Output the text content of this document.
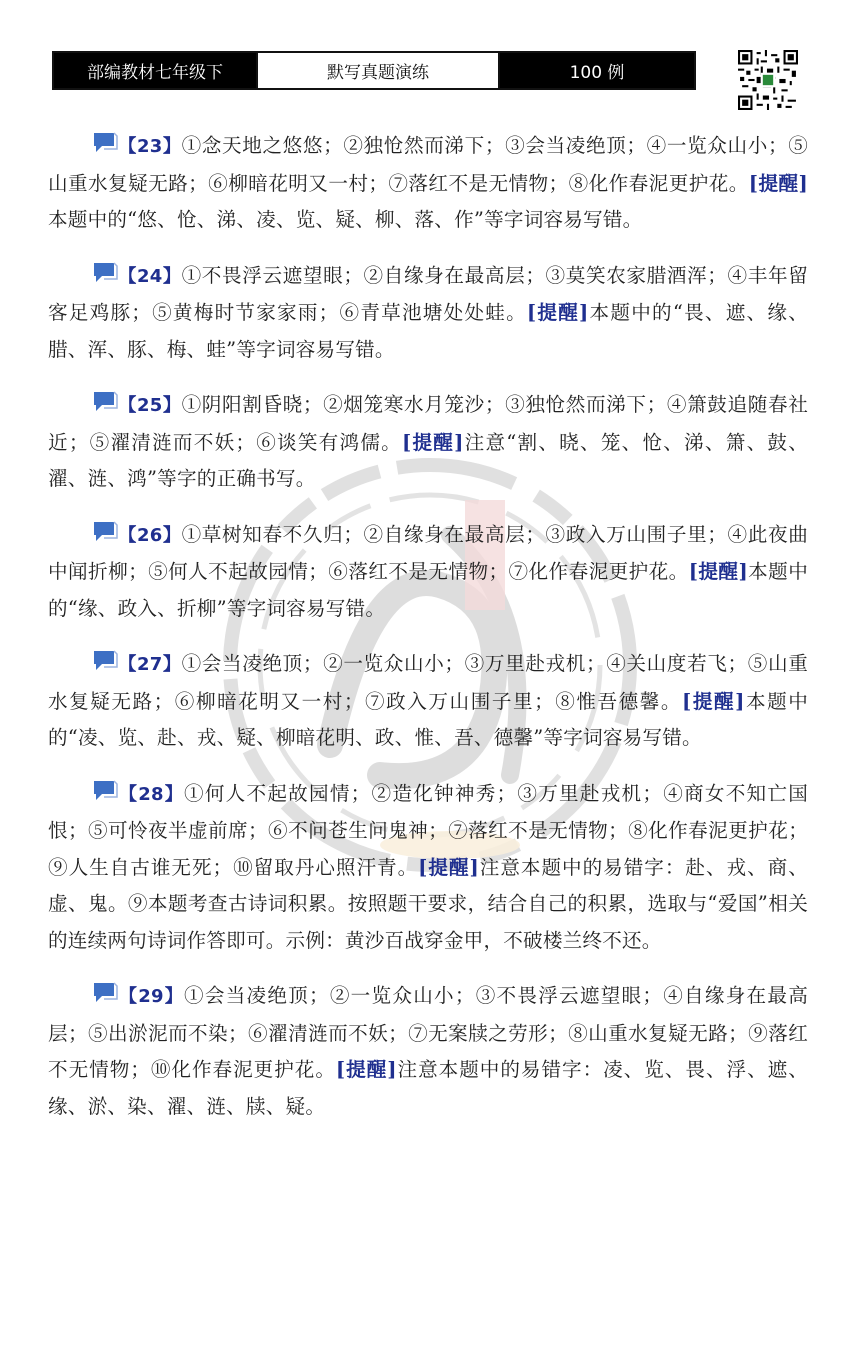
部编教材七年级下	默写真题演练	100 例

【23】①念天地之悠悠；②独怆然而涕下；③会当凌绝顶；④一览众山小；⑤山重水复疑无路；⑥柳暗花明又一村；⑦落红不是无情物；⑧化作春泥更护花。[提醒]本题中的“悠、怆、涕、凌、览、疑、柳、落、作”等字词容易写错。

【24】①不畏浮云遮望眼；②自缘身在最高层；③莫笑农家腊酒浑；④丰年留客足鸡豚；⑤黄梅时节家家雨；⑥青草池塘处处蛙。[提醒]本题中的“畏、遮、缘、腊、浑、豚、梅、蛙”等字词容易写错。

【25】①阴阳割昏晓；②烟笼寒水月笼沙；③独怆然而涕下；④箫鼓追随春社近；⑤濯清涟而不妖；⑥谈笑有鸿儒。[提醒]注意“割、晓、笼、怆、涕、箫、鼓、濯、涟、鸿”等字的正确书写。

【26】①草树知春不久归；②自缘身在最高层；③政入万山围子里；④此夜曲中闻折柳；⑤何人不起故园情；⑥落红不是无情物；⑦化作春泥更护花。[提醒]本题中的“缘、政入、折柳”等字词容易写错。

【27】①会当凌绝顶；②一览众山小；③万里赴戎机；④关山度若飞；⑤山重水复疑无路；⑥柳暗花明又一村；⑦政入万山围子里；⑧惟吾德馨。[提醒]本题中的“凌、览、赴、戎、疑、柳暗花明、政、惟、吾、德馨”等字词容易写错。

【28】①何人不起故园情；②造化钟神秀；③万里赴戎机；④商女不知亡国恨；⑤可怜夜半虚前席；⑥不问苍生问鬼神；⑦落红不是无情物；⑧化作春泥更护花；⑨人生自古谁无死；⑩留取丹心照汗青。[提醒]注意本题中的易错字：赴、戎、商、虚、鬼。⑨本题考查古诗词积累。按照题干要求，结合自己的积累，选取与“爱国”相关的连续两句诗词作答即可。示例：黄沙百战穿金甲，不破楼兰终不还。

【29】①会当凌绝顶；②一览众山小；③不畏浮云遮望眼；④自缘身在最高层；⑤出淤泥而不染；⑥濯清涟而不妖；⑦无案牍之劳形；⑧山重水复疑无路；⑨落红不无情物；⑩化作春泥更护花。[提醒]注意本题中的易错字：凌、览、畏、浮、遮、缘、淤、染、濯、涟、牍、疑。
